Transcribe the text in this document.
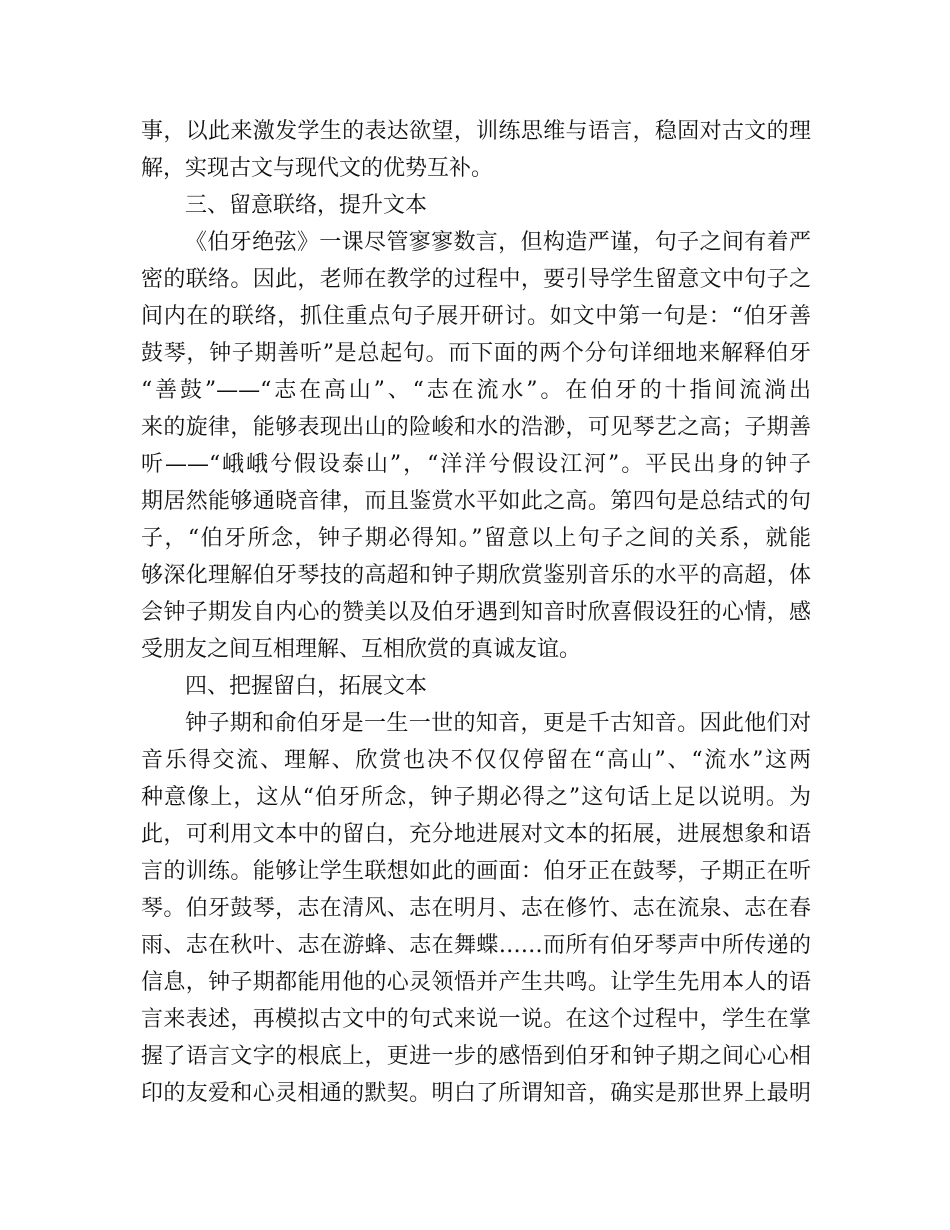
事，以此来激发学生的表达欲望，训练思维与语言，稳固对古文的理
解，实现古文与现代文的优势互补。
三、留意联络，提升文本
《伯牙绝弦》一课尽管寥寥数言，但构造严谨，句子之间有着严
密的联络。因此，老师在教学的过程中，要引导学生留意文中句子之
间内在的联络，抓住重点句子展开研讨。如文中第一句是：“伯牙善
鼓琴，钟子期善听”是总起句。而下面的两个分句详细地来解释伯牙
“善鼓”——“志在高山”、“志在流水”。在伯牙的十指间流淌出
来的旋律，能够表现出山的险峻和水的浩渺，可见琴艺之高；子期善
听——“峨峨兮假设泰山”，“洋洋兮假设江河”。平民出身的钟子
期居然能够通晓音律，而且鉴赏水平如此之高。第四句是总结式的句
子，“伯牙所念，钟子期必得知。”留意以上句子之间的关系，就能
够深化理解伯牙琴技的高超和钟子期欣赏鉴别音乐的水平的高超，体
会钟子期发自内心的赞美以及伯牙遇到知音时欣喜假设狂的心情，感
受朋友之间互相理解、互相欣赏的真诚友谊。
四、把握留白，拓展文本
钟子期和俞伯牙是一生一世的知音，更是千古知音。因此他们对
音乐得交流、理解、欣赏也决不仅仅停留在“高山”、“流水”这两
种意像上，这从“伯牙所念，钟子期必得之”这句话上足以说明。为
此，可利用文本中的留白，充分地进展对文本的拓展，进展想象和语
言的训练。能够让学生联想如此的画面：伯牙正在鼓琴，子期正在听
琴。伯牙鼓琴，志在清风、志在明月、志在修竹、志在流泉、志在春
雨、志在秋叶、志在游蜂、志在舞蝶……而所有伯牙琴声中所传递的
信息，钟子期都能用他的心灵领悟并产生共鸣。让学生先用本人的语
言来表述，再模拟古文中的句式来说一说。在这个过程中，学生在掌
握了语言文字的根底上，更进一步的感悟到伯牙和钟子期之间心心相
印的友爱和心灵相通的默契。明白了所谓知音，确实是那世界上最明
